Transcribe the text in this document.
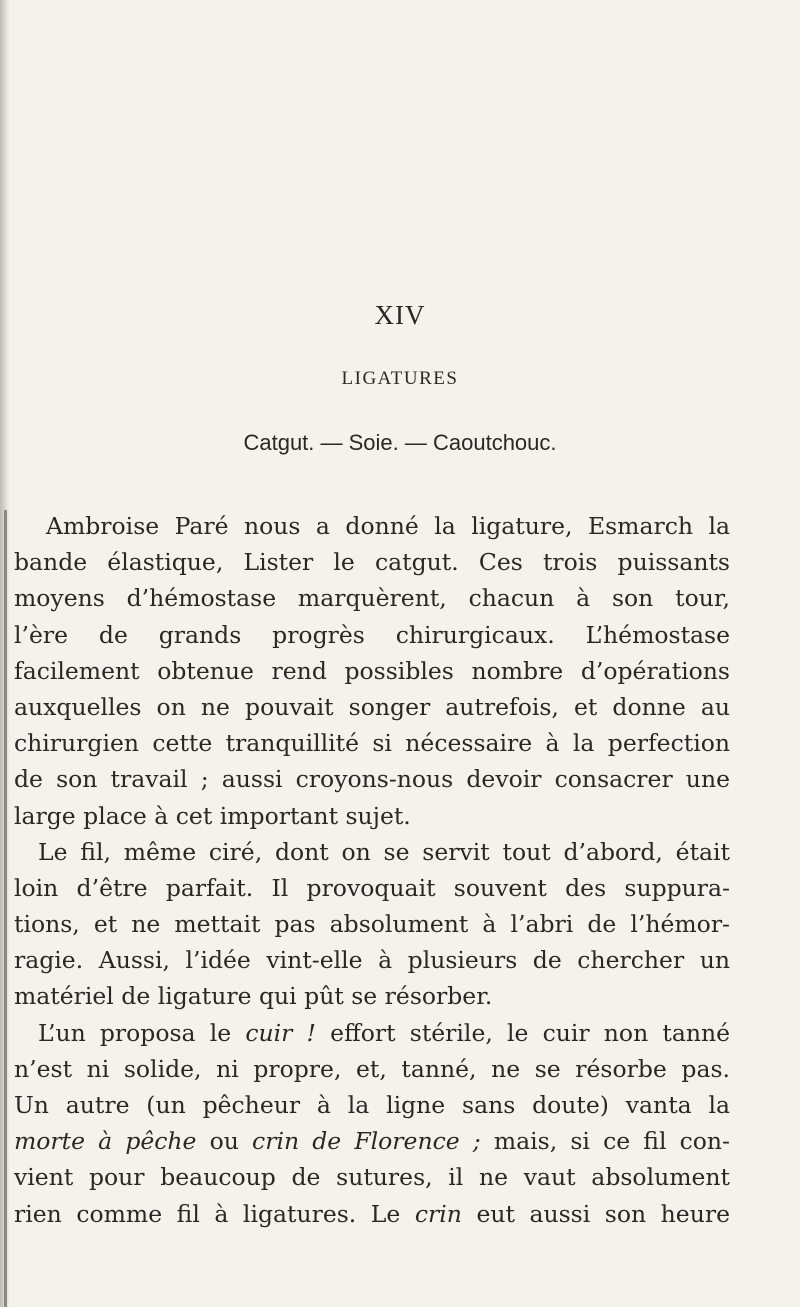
XIV
LIGATURES
Catgut. — Soie. — Caoutchouc.
Ambroise Paré nous a donné la ligature, Esmarch la
bande élastique, Lister le catgut. Ces trois puissants
moyens d’hémostase marquèrent, chacun à son tour,
l’ère de grands progrès chirurgicaux. L’hémostase
facilement obtenue rend possibles nombre d’opérations
auxquelles on ne pouvait songer autrefois, et donne au
chirurgien cette tranquillité si nécessaire à la perfection
de son travail ; aussi croyons-nous devoir consacrer une
large place à cet important sujet.
Le fil, même ciré, dont on se servit tout d’abord, était
loin d’être parfait. Il provoquait souvent des suppura-
tions, et ne mettait pas absolument à l’abri de l’hémor-
ragie. Aussi, l’idée vint-elle à plusieurs de chercher un
matériel de ligature qui pût se résorber.
L’un proposa le cuir ! effort stérile, le cuir non tanné
n’est ni solide, ni propre, et, tanné, ne se résorbe pas.
Un autre (un pêcheur à la ligne sans doute) vanta la
morte à pêche ou crin de Florence ; mais, si ce fil con-
vient pour beaucoup de sutures, il ne vaut absolument
rien comme fil à ligatures. Le crin eut aussi son heure
